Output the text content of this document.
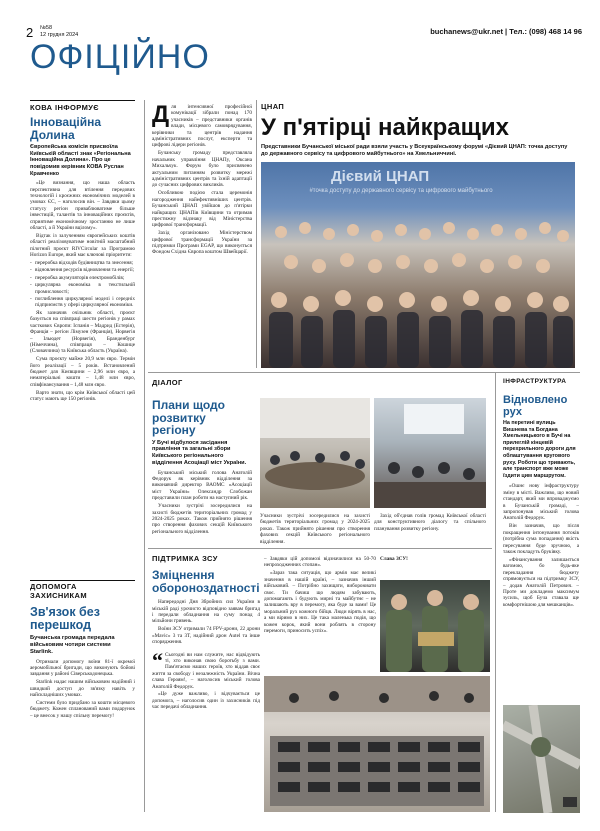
2 №58
12 грудня 2024	buchanews@ukr.net | Тел.: (098) 468 14 96
ОФІЦІЙНО
КОВА ІНФОРМУЄ
Інноваційна Долина
Європейська комісія присвоїла Київській області знак «Регіональна Інноваційна Долина». Про це повідомив керівник КОВА Руслан Кравченко

«Це визнання, що наша область перспективна для втілення передових технологій і кроєжних економічних моделей в умовах ЄС, – наголосив він. – Завдяки цьому статусу регіон приваблюватиме більше інвестицій, талантів та інноваційних проєктів, сприятиме економічному зростанню не лише області, а й України вцілому».

Відтак із залученням європейських коштів області реалізовуватиме новітній масштабний пілотний проєкт RIVCircular за Програмою Horizon Europe, який має ключові пріоритети:

- переробка відходів будівництва та знесення;
- відновлення ресурсів відновлення та енергії;
- переробка акумуляторів електромобілів;
- циркулярна економіка в текстильній промисловості;
- поглиблення циркулярної моделі і середніх підприємств у сфері циркулярної економіки.

Як зазначив очільник області, проєкт базується на співпраці шести регіонів у рамах часткових Європи: Іспанія – Мадрид (Естерія), Франція – регіон Лімузен (Франція), Норвегія – Ільюдет (Норвегія), Бранденбург (Німеччина), співпраця – Кошице (Словаччина) та Київська область (Україна).

Сума проєкту майже 20,9 млн євро. Термін його реалізації – 5 років. Встановлений бюджет для Києвщини – 2,96 млн євро, а нематеріальні кошти – 1,48 млн євро, співфінансування – 1,48 млн євро.

Варто знати, що крім Київської області цей статус мають ще 150 регіонів.

ДОПОМОГА ЗАХИСНИКАМ
Зв'язок без перешкод
Бучанська громада передала військовим чотири системи Starlink.

Отримали допомогу воїни 81-ї окремої аеромобільної бригади, що виконують бойові завдання у районі Сіверськодонецька.

Starlink надає нашим військовим надійний і швидкий доступ до зв'язку навіть у найскладніших умовах.

Системи було придбано за кошти місцевого бюджету. Кожен спланований вами подарунок – це внесок у нашу спільну перемогу!

Для інтенсивної професійної комунікації зібрали понад 170 учасників – представники органів влади, місцевого самоврядування, керівники та центрів надання адміністративних послуг, експерти та цифрові лідери регіонів.

Бучанську громаду представляла начальник управління ЦНАПу, Оксана Михальчук. Форум було присвячено актуальним питанням розвитку мережі адміністративних центрів та їхній адаптації до сучасних цифрових викликів.

Особливою подією стала церемонія нагородження найефективніших центрів. Бучанський ЦНАП увійшов до п'ятірки найкращих ЦНАПів Київщини та отримав престижну відзнаку від Міністерства цифрової трансформації.

Захід організовано Міністерством цифрової трансформації України за підтримки Програми EGAP, що виконується Фондом Східна Європа коштом Швейцарії.

ЦНАП
У п'ятірці найкращих
Представники Бучанської міської ради взяли участь у Всеукраїнському форумі «Дієвий ЦНАП: точка доступу до державного сервісу та цифрового майбутнього» на Хмельниччині.
Дієвий ЦНАП
#точка доступу до державного сервісу та цифрового майбутнього
ДІАЛОГ
Плани щодо розвитку регіону
У Бучі відбулося засідання правління та загальні збори Київського регіонального відділення Асоціації міст України.

Бучанський міський голова Анатолій Федорук як керівник відділення за виконавчий директор ВАОМС «Асоціації міст України» Олександр Слобожан представили план роботи на наступний рік.

Учасники зустрічі зосередилися на захисті бюджетів територіальних громад у 2024-2025 роках. Також прийнято рішення про створення фахових секцій Київського регіонального відділення.

Учасники зустрічі зосередилися на захисті бюджетів територіальних громад у 2024-2025 роках. Також прийнято рішення про створення фахових секцій Київського регіонального відділення.

Захід об'єднав голів громад Київської області для конструктивного діалогу та спільного планування розвитку регіону.

ІНФРАСТРУКТУРА
Відновлено рух
На перетині вулиць Вишнева та Богдана Хмельницького в Бучі на прилеглій кінцевій перехрильного дороги для облаштування кругового руху. Роботи що тривають, але транспорт вже може їздити цим маршрутом.

«Ошнє нову інфраструктуру зміну в місті. Важливо, що новий стандарт, який ми впроваджуємо в Бучанській громаді, – запропонував міський голова Анатолій Федорук.

Він зазначив, що після покращення інтонування потоків (потрібна сума попадання) якість пересування буде зручною, а також покладуть бруківку.

«Фінансування залишається вагомою, бо будь-яке перекладання бюджету спрямовується на підтримку ЗСУ, – додав Анатолій Петрович. – Проте ми докладемо максимум зусиль, щоб Буча ставала ще комфортнішою для мешканців».

ПІДТРИМКА ЗСУ
Зміцнення обороноздатності

Напередодні Дня Збройних сил України в міській раді урочисто відповідно заявам бригад і передали обладнання на суму понад 4 мільйони гривень.

Воїни ЗСУ отримали 74 FPV-дрони, 22 дрони «Mavic» 3 та 3T, надійний дрон Autel та інше спорядження.

“ Сьогодні ви нам служите, нас відвідують ті, хто виконав свою боротьбу з вами. Пам'ятаємо наших героїв, хто віддав своє життя за свободу і незалежність України. Вічна слава Героям!, – наголосив міський голова Анатолій Федорук.

«Це дуже важливо, і відчувається це допомога, – наголосив один із захисників під час передачі обладнання.

– Завдяки цій допомозі відзначилися на 50-70 непроходженних стопан».

«Зараз така ситуація, що армія має великі значення в нашій країні, – зазначив інший військовий. – Потрібно захищати, вибороювати своє. Ти бачиш що людям забувають, допомагають і будують мирні та майбутнє – не залишають вру в перемогу, яка буде за вами! Це моральний рух кожного бійця. Люди вірять в нас, а ми віримо в них. Це така маленька подія, що кожен корок, який вони роблять в сторону перемоги, приносить успіх».

Слава ЗСУ!
